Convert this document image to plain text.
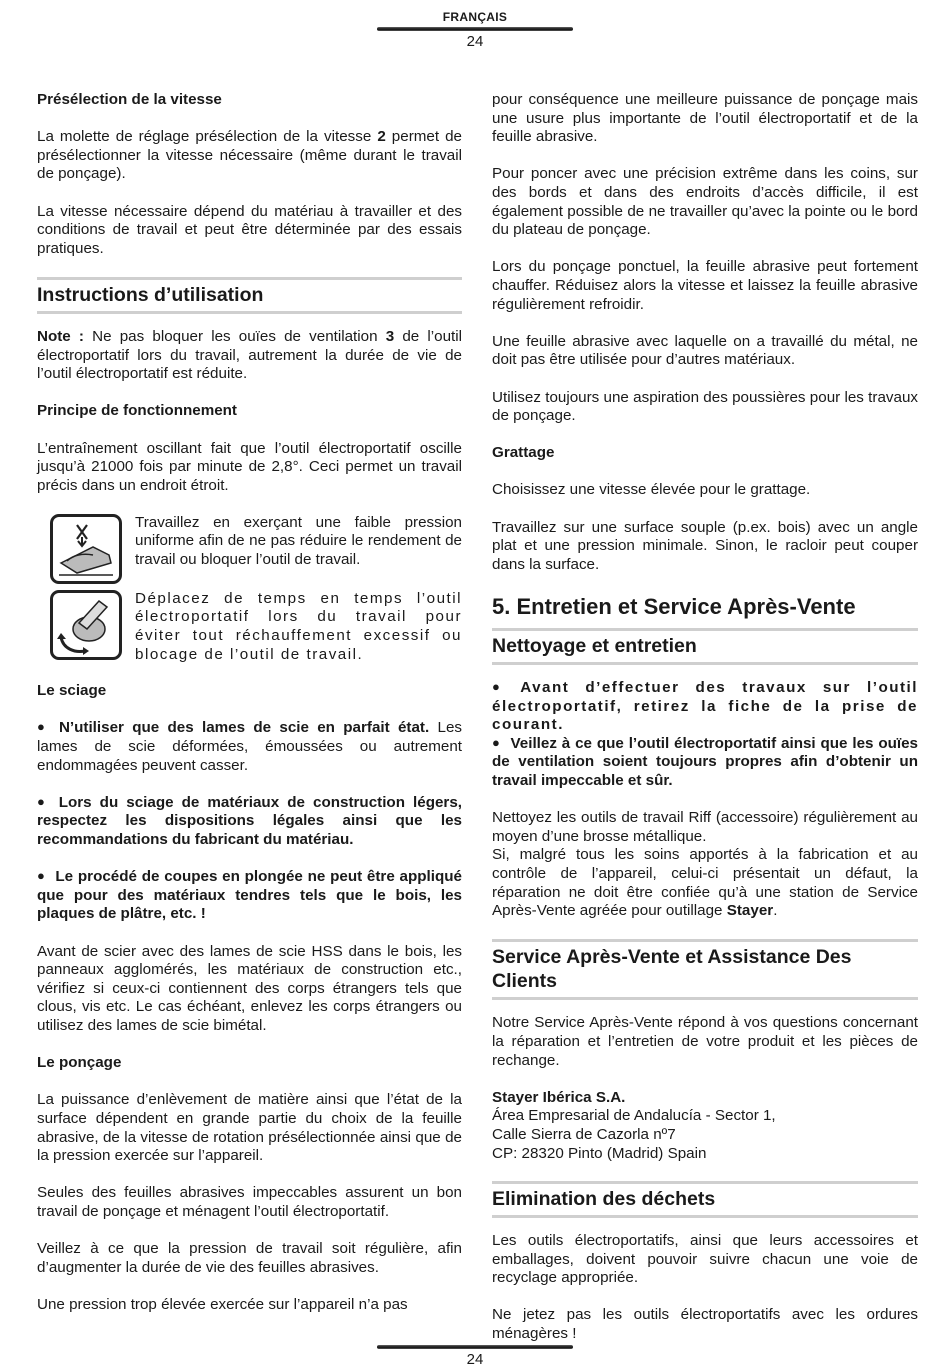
FRANÇAIS
24
Présélection de la vitesse

La molette de réglage présélection de la vitesse 2 permet de présélectionner la vitesse nécessaire (même durant le travail de ponçage).

La vitesse nécessaire dépend du matériau à travailler et des conditions de travail et peut être déterminée par des essais pratiques.

Instructions d’utilisation

Note : Ne pas bloquer les ouïes de ventilation 3 de l’outil électroportatif lors du travail, autrement la durée de vie de l’outil électroportatif est réduite.

Principe de fonctionnement

L’entraînement oscillant fait que l’outil électroportatif oscille jusqu’à 21000 fois par minute de 2,8°. Ceci permet un travail précis dans un endroit étroit.

Travaillez en exerçant une faible pression uniforme afin de ne pas réduire le rendement de travail ou bloquer l’outil de travail.
Déplacez de temps en temps l’outil électroportatif lors du travail pour éviter tout réchauffement excessif ou blocage de l’outil de travail.
Le sciage

● N’utiliser que des lames de scie en parfait état. Les lames de scie déformées, émoussées ou autrement endommagées peuvent casser.

● Lors du sciage de matériaux de construction légers, respectez les dispositions légales ainsi que les recommandations du fabricant du matériau.

● Le procédé de coupes en plongée ne peut être appliqué que pour des matériaux tendres tels que le bois, les plaques de plâtre, etc. !

Avant de scier avec des lames de scie HSS dans le bois, les panneaux agglomérés, les matériaux de construction etc., vérifiez si ceux-ci contiennent des corps étrangers tels que clous, vis etc. Le cas échéant, enlevez les corps étrangers ou utilisez des lames de scie bimétal.

Le ponçage

La puissance d’enlèvement de matière ainsi que l’état de la surface dépendent en grande partie du choix de la feuille abrasive, de la vitesse de rotation présélectionnée ainsi que de la pression exercée sur l’appareil.

Seules des feuilles abrasives impeccables assurent un bon travail de ponçage et ménagent l’outil électroportatif.

Veillez à ce que la pression de travail soit régulière, afin d’augmenter la durée de vie des feuilles abrasives.

Une pression trop élevée exercée sur l’appareil n’a pas

pour conséquence une meilleure puissance de ponçage mais une usure plus importante de l’outil électroportatif et de la feuille abrasive.

Pour poncer avec une précision extrême dans les coins, sur des bords et dans des endroits d’accès difficile, il est également possible de ne travailler qu’avec la pointe ou le bord du plateau de ponçage.

Lors du ponçage ponctuel, la feuille abrasive peut fortement chauffer. Réduisez alors la vitesse et laissez la feuille abrasive régulièrement refroidir.

Une feuille abrasive avec laquelle on a travaillé du métal, ne doit pas être utilisée pour d’autres matériaux.

Utilisez toujours une aspiration des poussières pour les travaux de ponçage.

Grattage

Choisissez une vitesse élevée pour le grattage.

Travaillez sur une surface souple (p.ex. bois) avec un angle plat et une pression minimale. Sinon, le racloir peut couper dans la surface.

5. Entretien et Service Après-Vente
Nettoyage et entretien

● Avant d’effectuer des travaux sur l’outil électroportatif, retirez la fiche de la prise de courant.

● Veillez à ce que l’outil électroportatif ainsi que les ouïes de ventilation soient toujours propres afin d’obtenir un travail impeccable et sûr.

Nettoyez les outils de travail Riff (accessoire) régulièrement au moyen d’une brosse métallique.

Si, malgré tous les soins apportés à la fabrication et au contrôle de l’appareil, celui-ci présentait un défaut, la réparation ne doit être confiée qu’à une station de Service Après-Vente agréée pour outillage Stayer.

Service Après-Vente et Assistance Des Clients

Notre Service Après-Vente répond à vos questions concernant la réparation et l’entretien de votre produit et les pièces de rechange.

Stayer Ibérica S.A.
Área Empresarial de Andalucía - Sector 1,
Calle Sierra de Cazorla nº7
CP: 28320 Pinto (Madrid) Spain
Elimination des déchets

Les outils électroportatifs, ainsi que leurs accessoires et emballages, doivent pouvoir suivre chacun une voie de recyclage appropriée.

Ne jetez pas les outils électroportatifs avec les ordures ménagères !

24
